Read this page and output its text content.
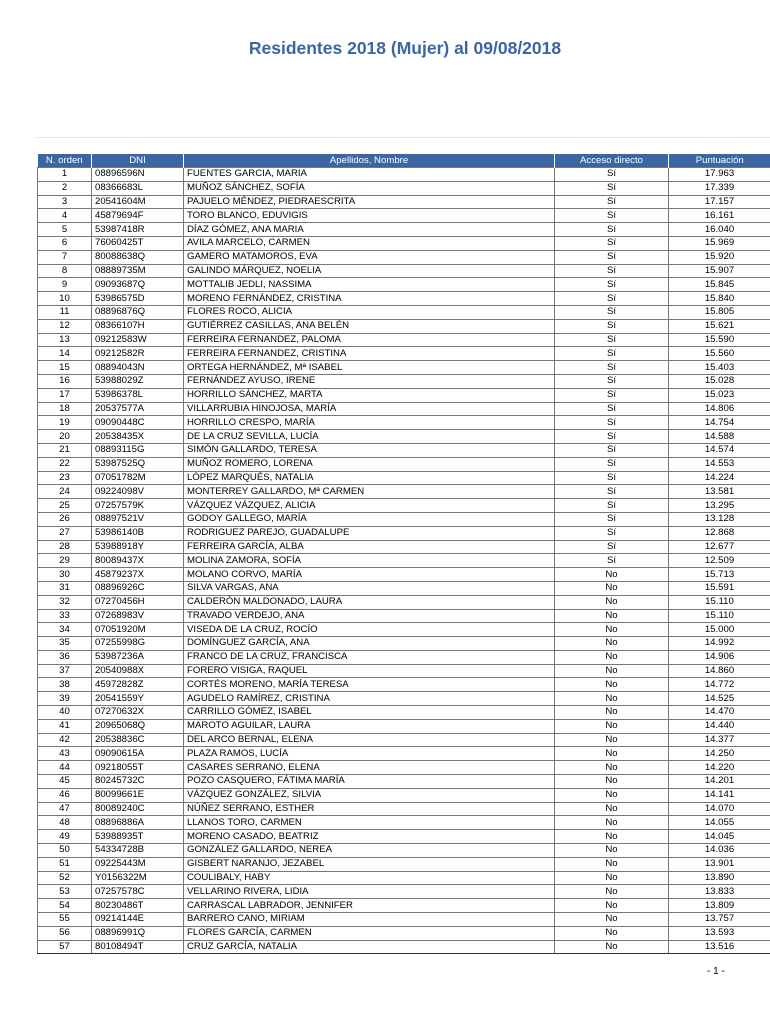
Residentes 2018 (Mujer) al 09/08/2018
N. orden	DNI	Apellidos, Nombre	Acceso directo	Puntuación
1	08896596N	FUENTES GARCIA, MARIA	Sí	17.963
2	08366683L	MUÑOZ SÁNCHEZ, SOFÍA	Sí	17.339
3	20541604M	PAJUELO MÉNDEZ, PIEDRAESCRITA	Sí	17.157
4	45879694F	TORO BLANCO, EDUVIGIS	Sí	16.161
5	53987418R	DÍAZ GÓMEZ, ANA MARIA	Sí	16.040
6	76060425T	AVILA MARCELO, CARMEN	Sí	15.969
7	80088638Q	GAMERO MATAMOROS, EVA	Sí	15.920
8	08889735M	GALINDO MÁRQUEZ, NOELIA	Sí	15.907
9	09093687Q	MOTTALIB JEDLI, NASSIMA	Sí	15.845
10	53986575D	MORENO FERNÁNDEZ, CRISTINA	Sí	15.840
11	08896876Q	FLORES ROCO, ALICIA	Sí	15.805
12	08366107H	GUTIÉRREZ CASILLAS, ANA BELÉN	Sí	15.621
13	09212583W	FERREIRA FERNANDEZ, PALOMA	Sí	15.590
14	09212582R	FERREIRA FERNANDEZ, CRISTINA	Sí	15.560
15	08894043N	ORTEGA HERNÁNDEZ, Mª ISABEL	Sí	15.403
16	53988029Z	FERNÁNDEZ AYUSO, IRENE	Sí	15.028
17	53986378L	HORRILLO SÁNCHEZ, MARTA	Sí	15.023
18	20537577A	VILLARRUBIA HINOJOSA, MARÍA	Sí	14.806
19	09090448C	HORRILLO CRESPO, MARÍA	Sí	14.754
20	20538435X	DE LA CRUZ SEVILLA, LUCÍA	Sí	14.588
21	08893115G	SIMÓN GALLARDO, TERESA	Sí	14.574
22	53987525Q	MUÑOZ ROMERO, LORENA	Sí	14.553
23	07051782M	LÓPEZ MARQUÉS, NATALIA	Sí	14.224
24	09224098V	MONTERREY GALLARDO, Mª CARMEN	Sí	13.581
25	07257579K	VÁZQUEZ VÁZQUEZ, ALICIA	Sí	13.295
26	08897521V	GODOY GALLEGO, MARÍA	Sí	13.128
27	53986140B	RODRIGUEZ PAREJO, GUADALUPE	Sí	12.868
28	53988918Y	FERREIRA GARCÍA, ALBA	Sí	12.677
29	80089437X	MOLINA ZAMORA, SOFÍA	Sí	12.509
30	45879237X	MOLANO CORVO, MARÍA	No	15.713
31	08896926C	SILVA VARGAS, ANA	No	15.591
32	07270456H	CALDERÓN MALDONADO, LAURA	No	15.110
33	07268983V	TRAVADO VERDEJO, ANA	No	15.110
34	07051920M	VISEDA DE LA CRUZ, ROCÍO	No	15.000
35	07255998G	DOMÍNGUEZ GARCÍA, ANA	No	14.992
36	53987236A	FRANCO DE LA CRUZ, FRANCISCA	No	14.906
37	20540988X	FORERO VISIGA, RAQUEL	No	14.860
38	45972828Z	CORTÉS MORENO, MARÍA TERESA	No	14.772
39	20541559Y	AGUDELO RAMÍREZ, CRISTINA	No	14.525
40	07270632X	CARRILLO GÓMEZ, ISABEL	No	14.470
41	20965068Q	MAROTO AGUILAR, LAURA	No	14.440
42	20538836C	DEL ARCO BERNAL, ELENA	No	14.377
43	09090615A	PLAZA RAMOS, LUCÍA	No	14.250
44	09218055T	CASARES SERRANO, ELENA	No	14.220
45	80245732C	POZO CASQUERO, FÁTIMA MARÍA	No	14.201
46	80099661E	VÁZQUEZ GONZÁLEZ, SILVIA	No	14.141
47	80089240C	NÚÑEZ SERRANO, ESTHER	No	14.070
48	08896886A	LLANOS TORO, CARMEN	No	14.055
49	53988935T	MORENO CASADO, BEATRIZ	No	14.045
50	54334728B	GONZÁLEZ GALLARDO, NEREA	No	14.036
51	09225443M	GISBERT NARANJO, JEZABEL	No	13.901
52	Y0156322M	COULIBALY, HABY	No	13.890
53	07257578C	VELLARINO RIVERA, LIDIA	No	13.833
54	80230486T	CARRASCAL LABRADOR, JENNIFER	No	13.809
55	09214144E	BARRERO CANO, MIRIAM	No	13.757
56	08896991Q	FLORES GARCÍA, CARMEN	No	13.593
57	80108494T	CRUZ GARCÍA, NATALIA	No	13.516
- 1 -
